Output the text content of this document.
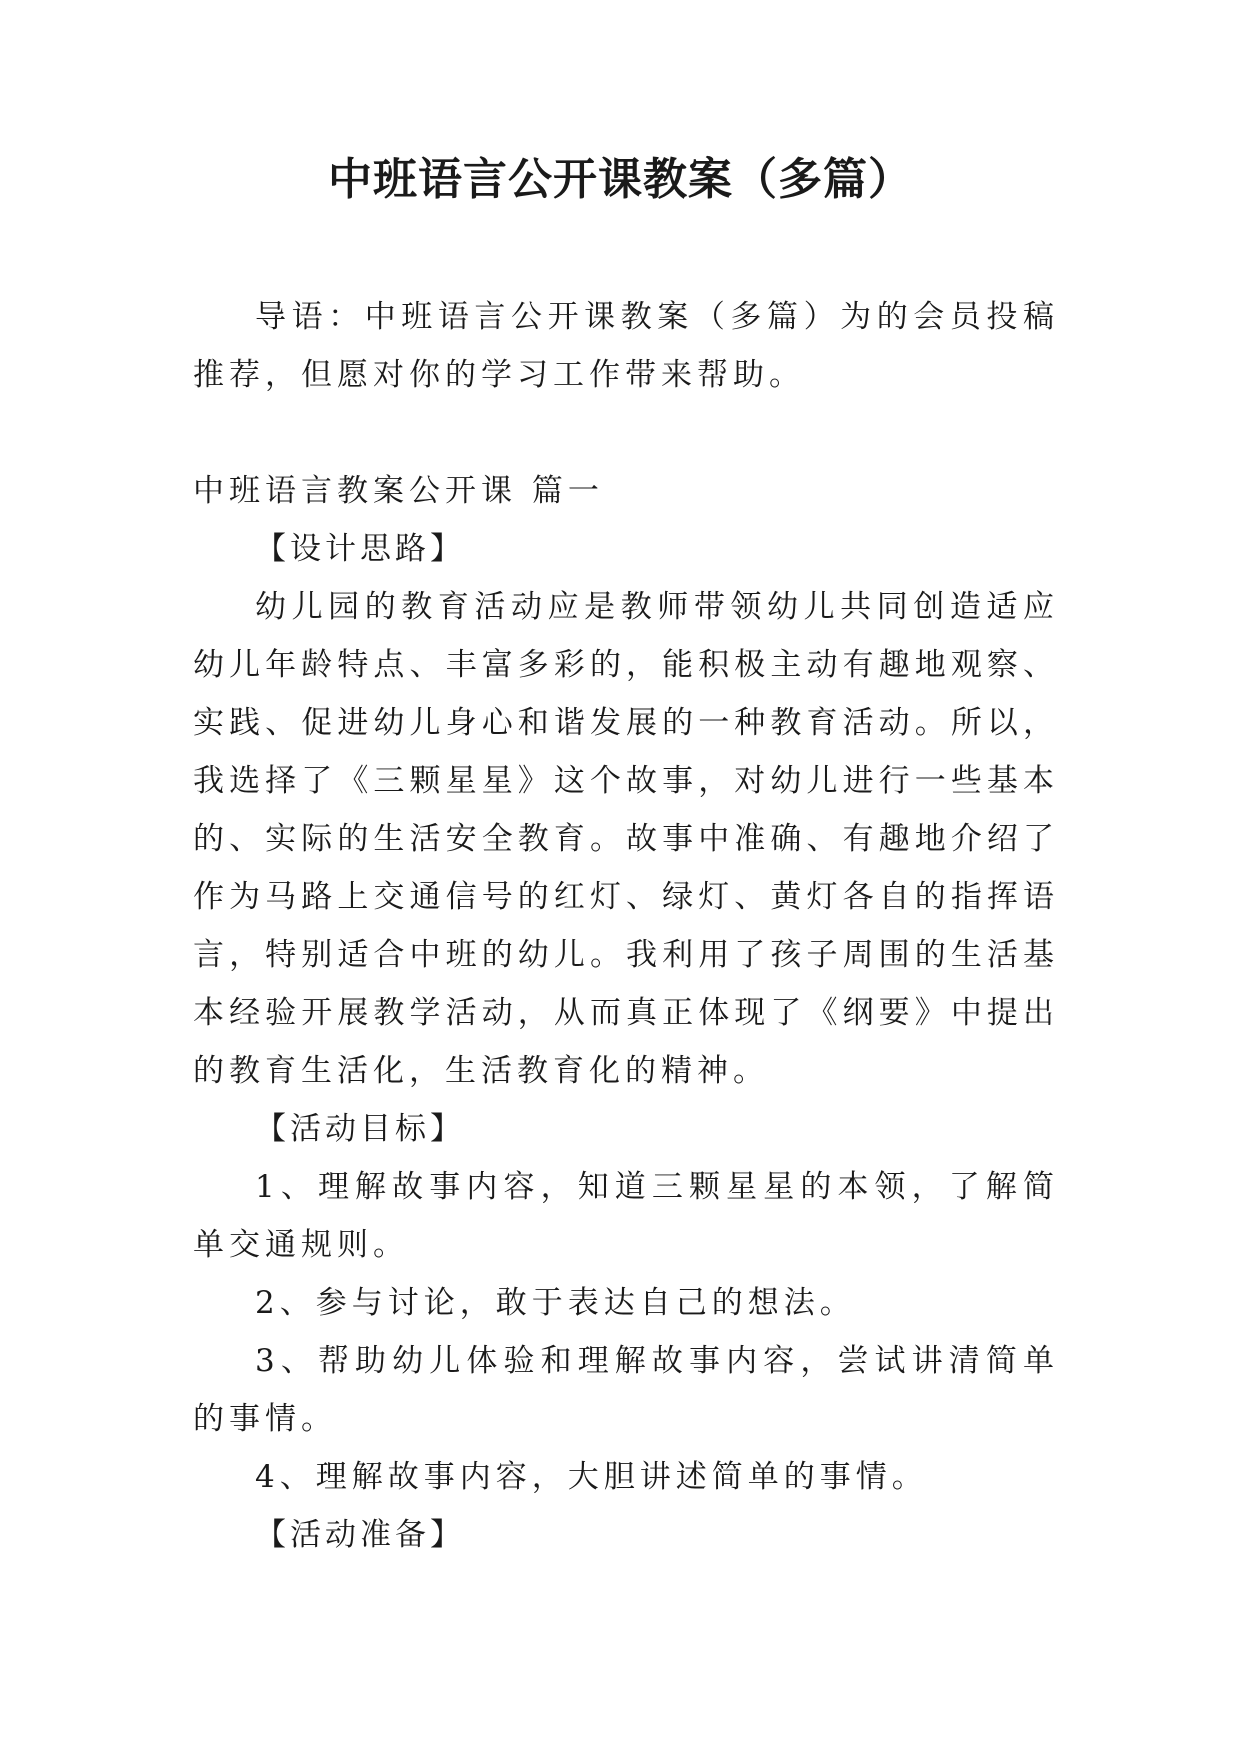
中班语言公开课教案（多篇）

导语：中班语言公开课教案（多篇）为的会员投稿推荐，但愿对你的学习工作带来帮助。

中班语言教案公开课 篇一

【设计思路】

幼儿园的教育活动应是教师带领幼儿共同创造适应幼儿年龄特点、丰富多彩的，能积极主动有趣地观察、实践、促进幼儿身心和谐发展的一种教育活动。所以，我选择了《三颗星星》这个故事，对幼儿进行一些基本的、实际的生活安全教育。故事中准确、有趣地介绍了作为马路上交通信号的红灯、绿灯、黄灯各自的指挥语言，特别适合中班的幼儿。我利用了孩子周围的生活基本经验开展教学活动，从而真正体现了《纲要》中提出的教育生活化，生活教育化的精神。

【活动目标】

1、理解故事内容，知道三颗星星的本领，了解简单交通规则。

2、参与讨论，敢于表达自己的想法。

3、帮助幼儿体验和理解故事内容，尝试讲清简单的事情。

4、理解故事内容，大胆讲述简单的事情。

【活动准备】
